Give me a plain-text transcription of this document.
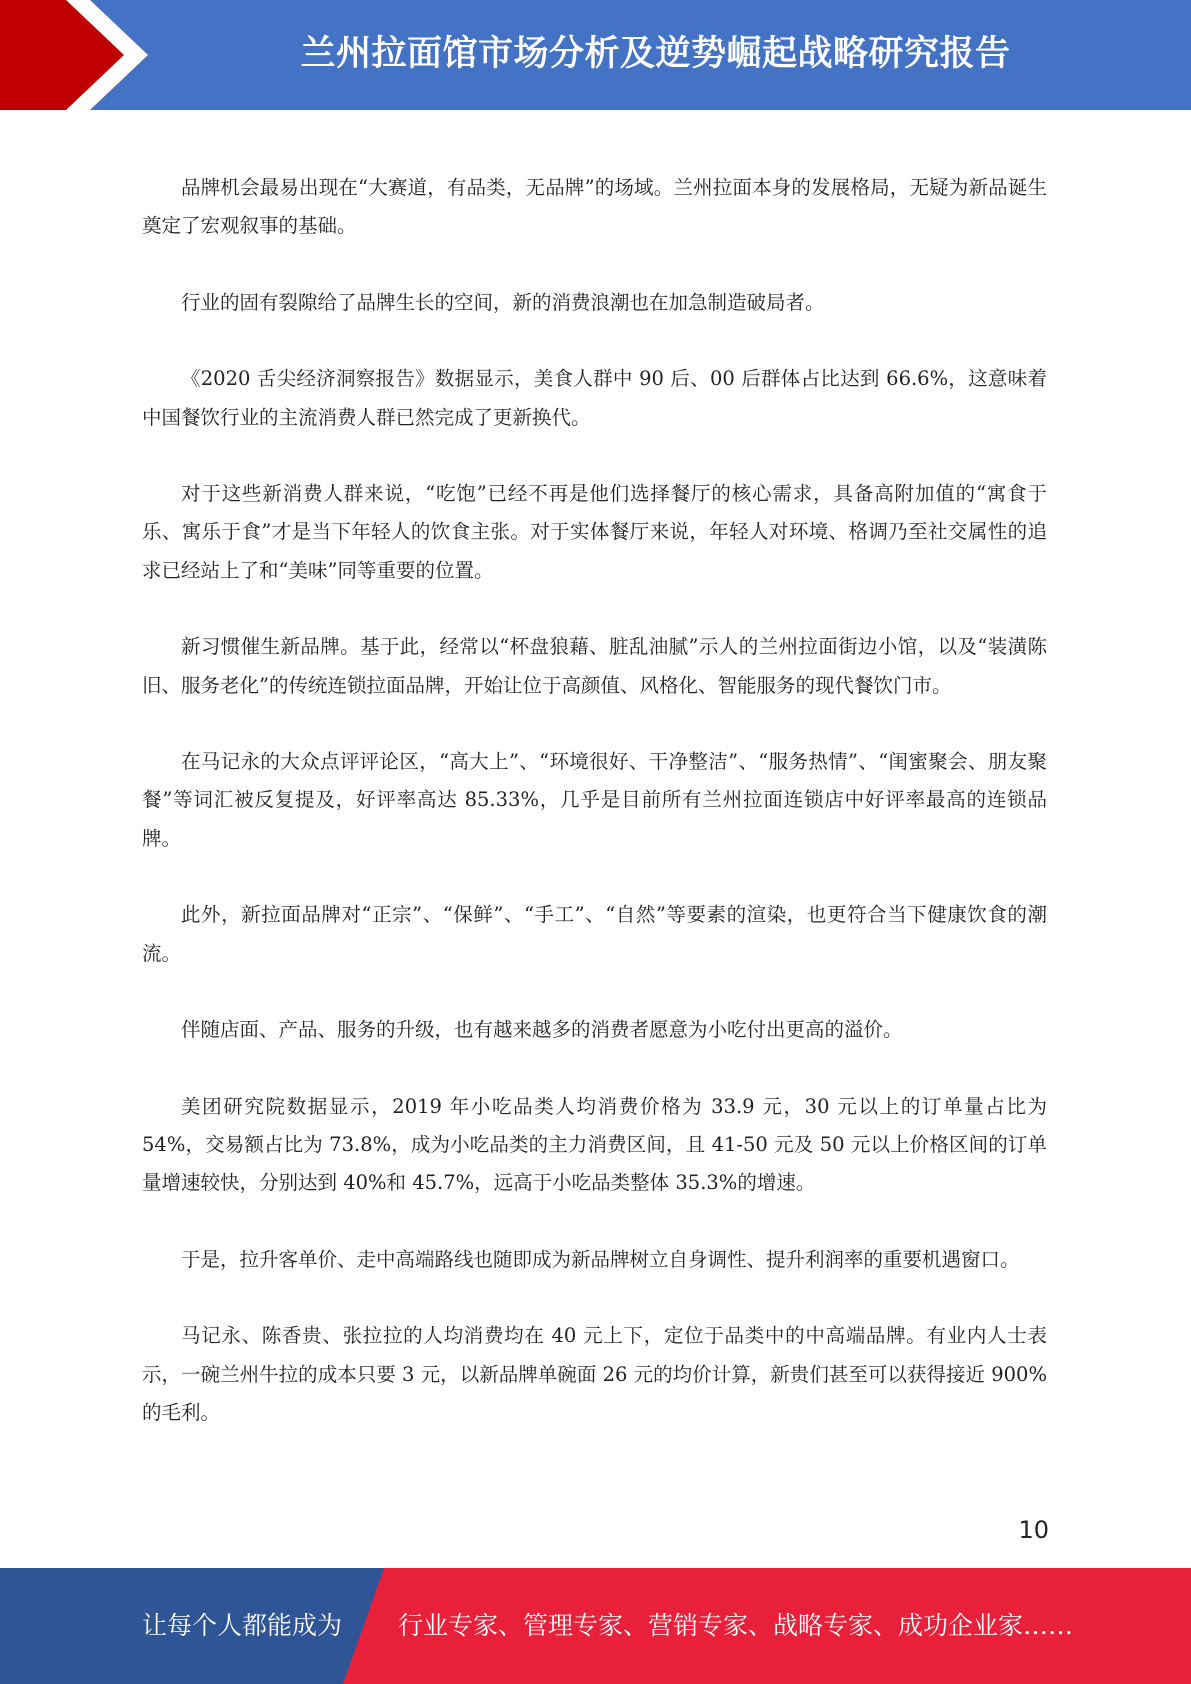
兰州拉面馆市场分析及逆势崛起战略研究报告

品牌机会最易出现在“大赛道，有品类，无品牌”的场域。兰州拉面本身的发展格局，无疑为新品诞生奠定了宏观叙事的基础。

行业的固有裂隙给了品牌生长的空间，新的消费浪潮也在加急制造破局者。

《2020 舌尖经济洞察报告》数据显示，美食人群中 90 后、00 后群体占比达到 66.6%，这意味着中国餐饮行业的主流消费人群已然完成了更新换代。

对于这些新消费人群来说，“吃饱”已经不再是他们选择餐厅的核心需求，具备高附加值的“寓食于乐、寓乐于食”才是当下年轻人的饮食主张。对于实体餐厅来说，年轻人对环境、格调乃至社交属性的追求已经站上了和“美味”同等重要的位置。

新习惯催生新品牌。基于此，经常以“杯盘狼藉、脏乱油腻”示人的兰州拉面街边小馆，以及“装潢陈旧、服务老化”的传统连锁拉面品牌，开始让位于高颜值、风格化、智能服务的现代餐饮门市。

在马记永的大众点评评论区，“高大上”、“环境很好、干净整洁”、“服务热情”、“闺蜜聚会、朋友聚餐”等词汇被反复提及，好评率高达 85.33%，几乎是目前所有兰州拉面连锁店中好评率最高的连锁品牌。

此外，新拉面品牌对“正宗”、“保鲜”、“手工”、“自然”等要素的渲染，也更符合当下健康饮食的潮流。

伴随店面、产品、服务的升级，也有越来越多的消费者愿意为小吃付出更高的溢价。

美团研究院数据显示，2019 年小吃品类人均消费价格为 33.9 元，30 元以上的订单量占比为 54%，交易额占比为 73.8%，成为小吃品类的主力消费区间，且 41-50 元及 50 元以上价格区间的订单量增速较快，分别达到 40%和 45.7%，远高于小吃品类整体 35.3%的增速。

于是，拉升客单价、走中高端路线也随即成为新品牌树立自身调性、提升利润率的重要机遇窗口。

马记永、陈香贵、张拉拉的人均消费均在 40 元上下，定位于品类中的中高端品牌。有业内人士表示，一碗兰州牛拉的成本只要 3 元，以新品牌单碗面 26 元的均价计算，新贵们甚至可以获得接近 900%的毛利。

10
让每个人都能成为 行业专家、管理专家、营销专家、战略专家、成功企业家……
